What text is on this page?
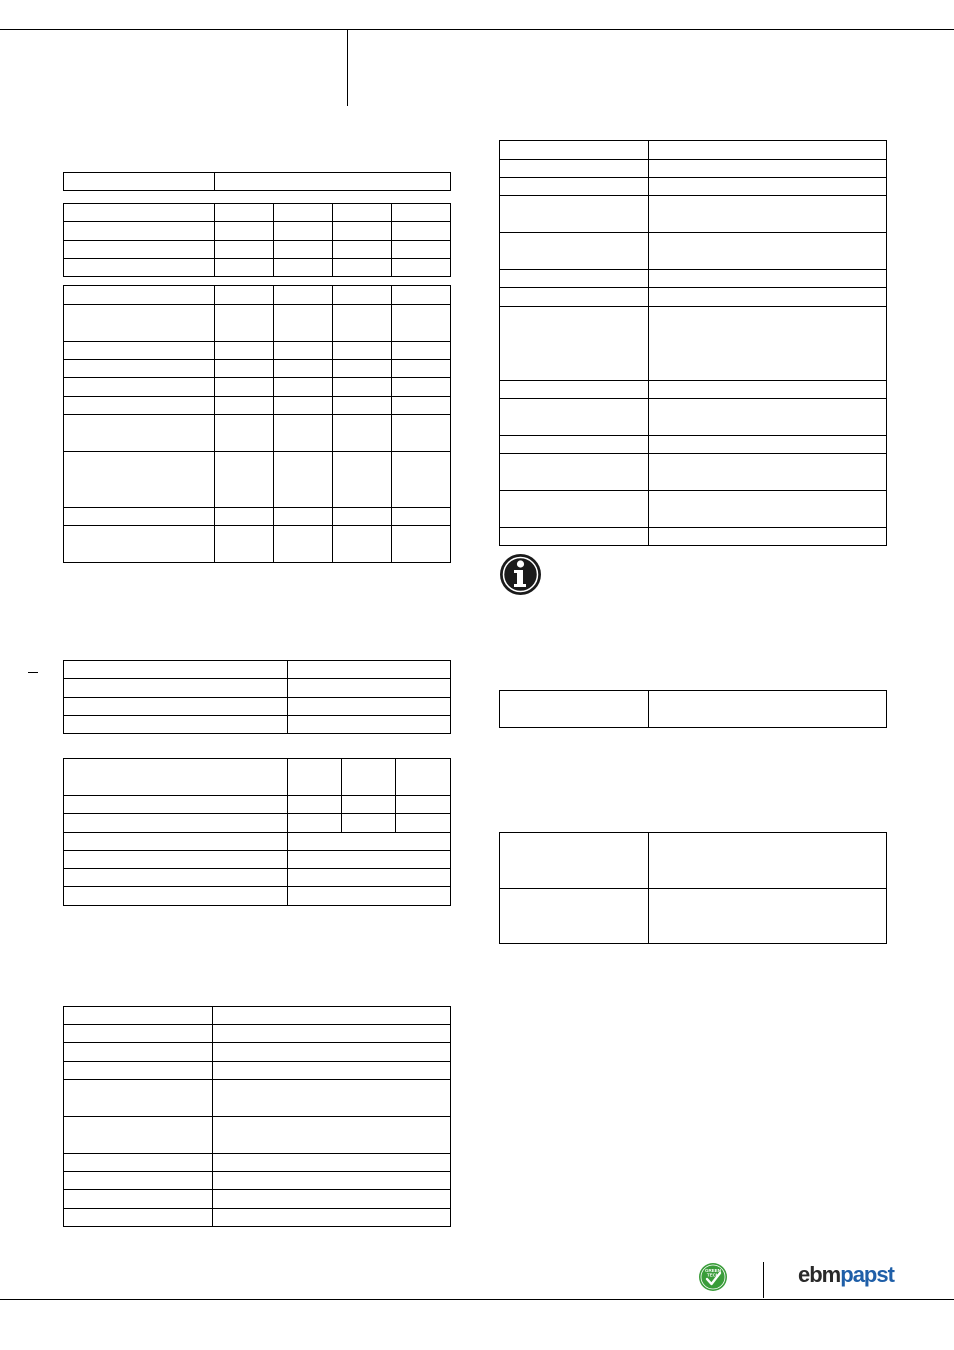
GREEN
TECH	ebmpapst
